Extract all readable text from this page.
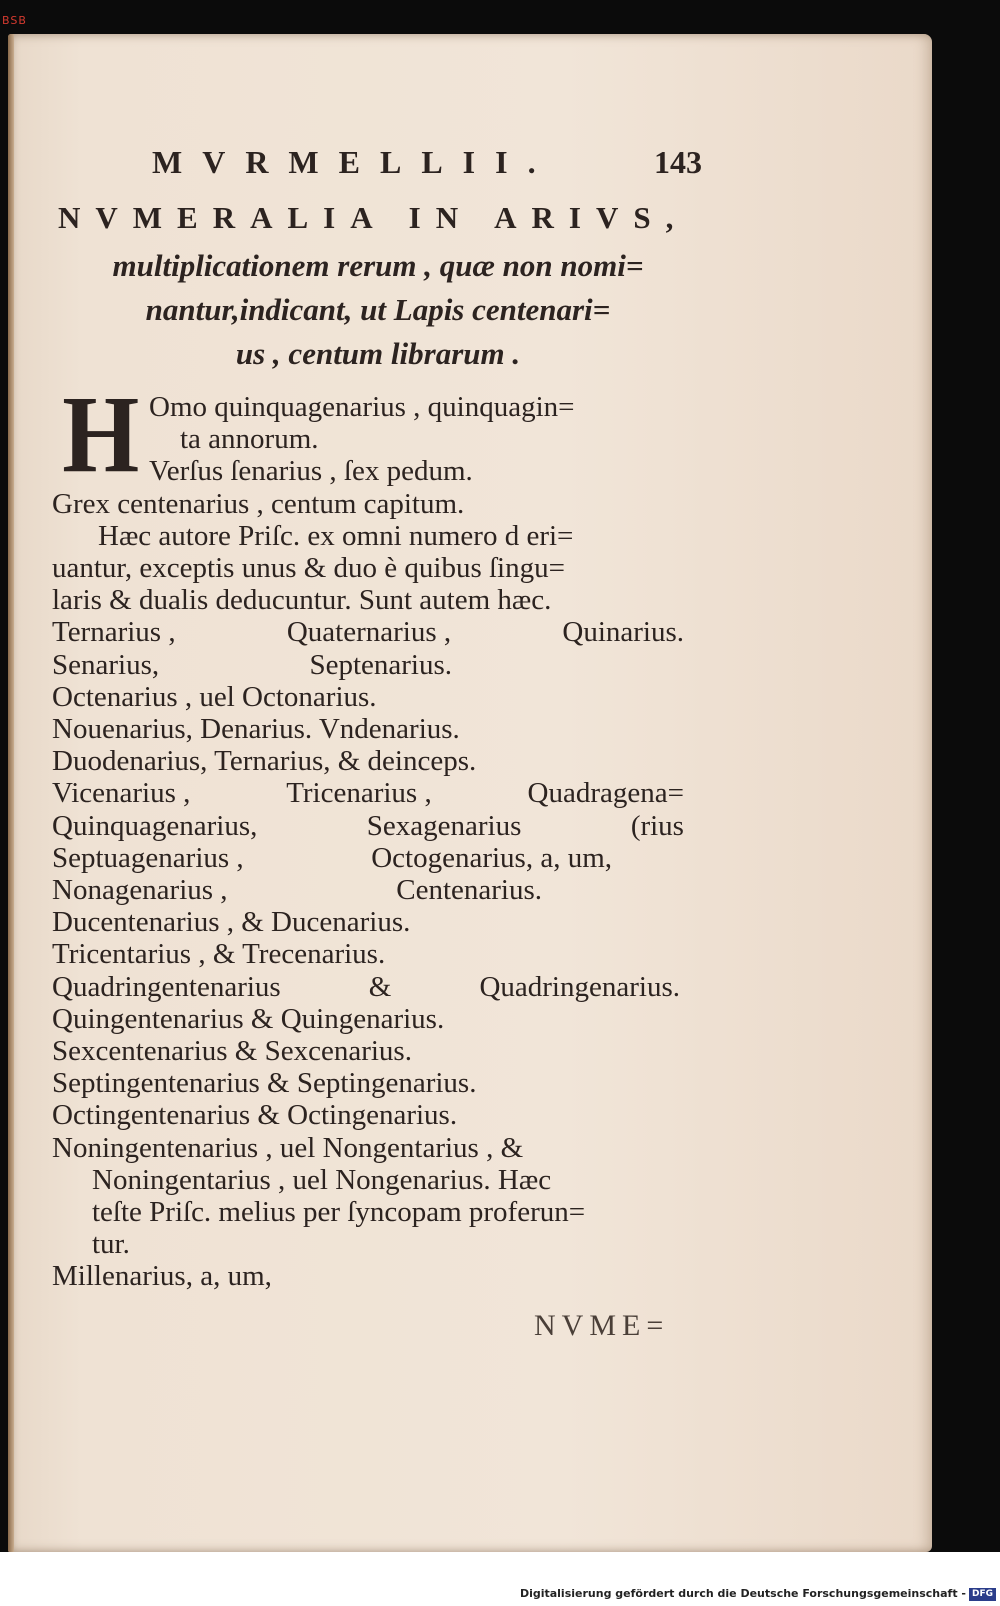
BSB
MVRMELLII.	143
NVMERALIA IN ARIVS,
multiplicationem rerum , quæ non nomi=
nantur,indicant, ut Lapis centenari=
us , centum librarum .
H Omo quinquagenarius , quinquagin=
ta annorum.
Verſus ſenarius , ſex pedum.
Grex centenarius , centum capitum.
Hæc autore Priſc. ex omni numero d eri=
uantur, exceptis unus & duo è quibus ſingu=
laris & dualis deducuntur. Sunt autem hæc.
Ternarius ,	Quaternarius ,	Quinarius.
Senarius,	Septenarius.
Octenarius , uel Octonarius.
Nouenarius, Denarius. Vndenarius.
Duodenarius, Ternarius, & deinceps.
Vicenarius ,	Tricenarius ,	Quadragena=
Quinquagenarius,	Sexagenarius	(rius
Septuagenarius ,	Octogenarius, a, um,
Nonagenarius ,	Centenarius.
Ducentenarius , & Ducenarius.
Tricentarius , & Trecenarius.
Quadringentenarius	&	Quadringenarius.
Quingentenarius & Quingenarius.
Sexcentenarius & Sexcenarius.
Septingentenarius & Septingenarius.
Octingentenarius & Octingenarius.
Noningentenarius , uel Nongentarius , &
Noningentarius , uel Nongenarius. Hæc
teſte Priſc. melius per ſyncopam proferun=
tur.
Millenarius, a, um,
NVME=
Digitalisierung gefördert durch die Deutsche Forschungsgemeinschaft - DFG
